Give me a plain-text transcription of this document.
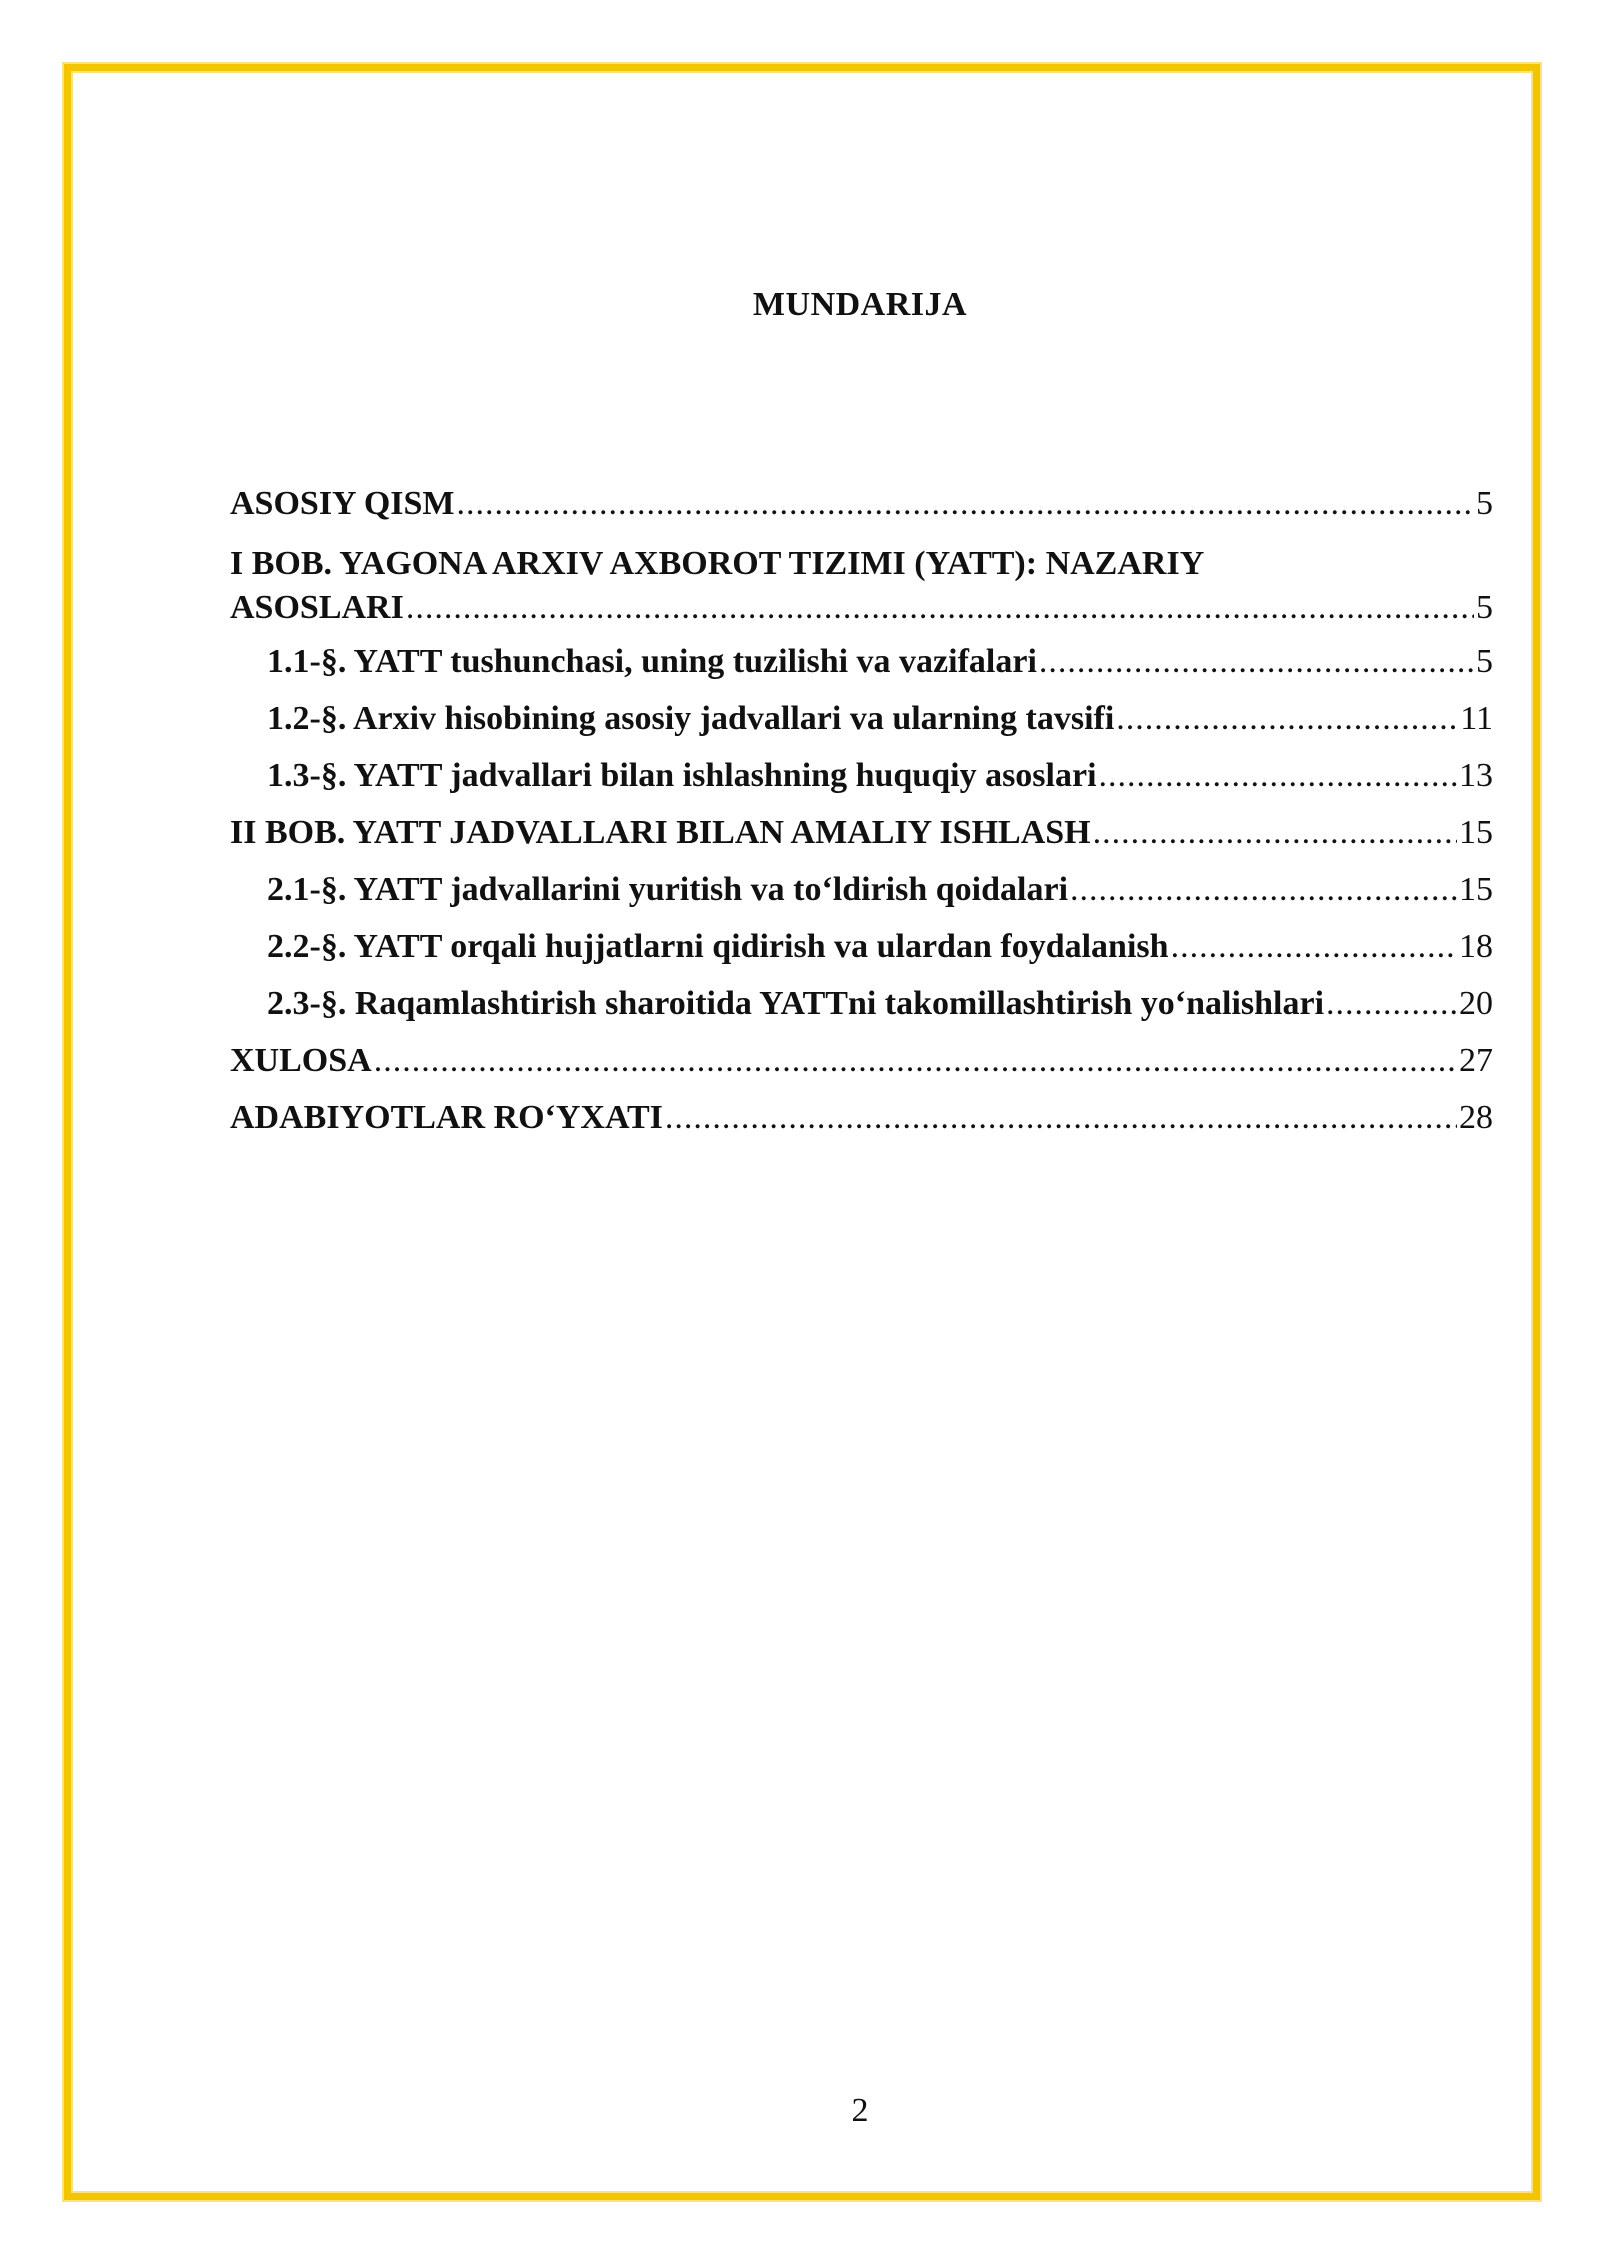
MUNDARIJA
ASOSIY QISM .....	5
I BOB. YAGONA ARXIV AXBOROT TIZIMI (YATT): NAZARIY
ASOSLARI .....	5
1.1-§. YATT tushunchasi, uning tuzilishi va vazifalari .....	5
1.2-§. Arxiv hisobining asosiy jadvallari va ularning tavsifi .....	11
1.3-§. YATT jadvallari bilan ishlashning huquqiy asoslari .....	13
II BOB. YATT JADVALLARI BILAN AMALIY ISHLASH .....	15
2.1-§. YATT jadvallarini yuritish va to‘ldirish qoidalari .....	15
2.2-§. YATT orqali hujjatlarni qidirish va ulardan foydalanish .....	18
2.3-§. Raqamlashtirish sharoitida YATTni takomillashtirish yo‘nalishlari .....	20
XULOSA .....	27
ADABIYOTLAR RO‘YXATI .....	28
2
